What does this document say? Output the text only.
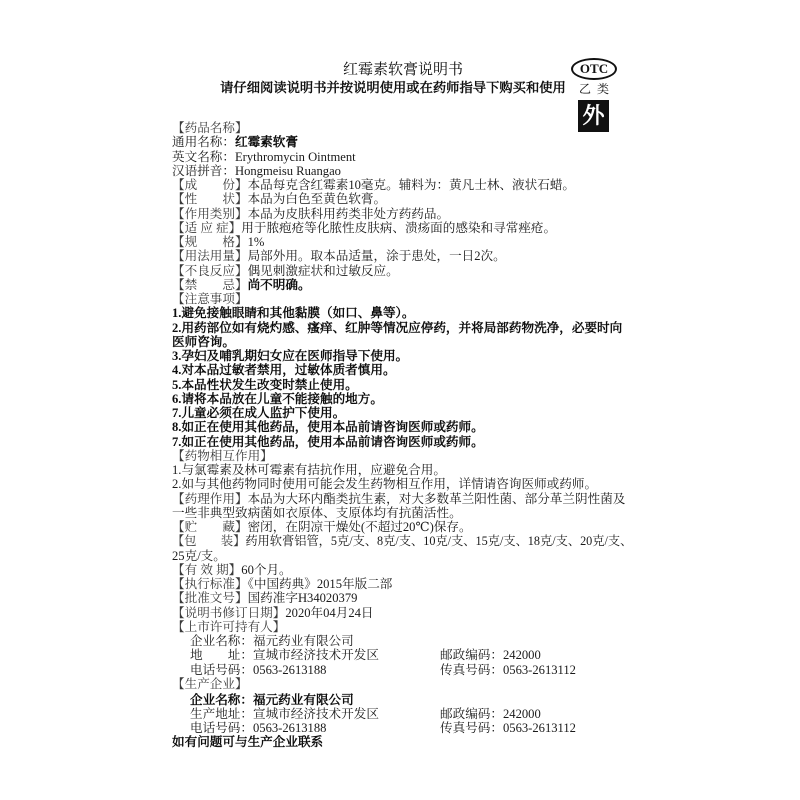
红霉素软膏说明书
请仔细阅读说明书并按说明使用或在药师指导下购买和使用
OTC
乙类
外
【药品名称】
通用名称：红霉素软膏
英文名称：Erythromycin Ointment
汉语拼音：Hongmeisu Ruangao
【成　　份】本品每克含红霉素10毫克。辅料为：黄凡士林、液状石蜡。
【性　　状】本品为白色至黄色软膏。
【作用类别】本品为皮肤科用药类非处方药药品。
【适 应 症】用于脓疱疮等化脓性皮肤病、溃疡面的感染和寻常痤疮。
【规　　格】1%
【用法用量】局部外用。取本品适量，涂于患处，一日2次。
【不良反应】偶见刺激症状和过敏反应。
【禁　　忌】尚不明确。
【注意事项】
1.避免接触眼睛和其他黏膜（如口、鼻等）。
2.用药部位如有烧灼感、瘙痒、红肿等情况应停药，并将局部药物洗净，必要时向
医师咨询。
3.孕妇及哺乳期妇女应在医师指导下使用。
4.对本品过敏者禁用，过敏体质者慎用。
5.本品性状发生改变时禁止使用。
6.请将本品放在儿童不能接触的地方。
7.儿童必须在成人监护下使用。
8.如正在使用其他药品，使用本品前请咨询医师或药师。
7.如正在使用其他药品，使用本品前请咨询医师或药师。
【药物相互作用】
1.与氯霉素及林可霉素有拮抗作用，应避免合用。
2.如与其他药物同时使用可能会发生药物相互作用，详情请咨询医师或药师。
【药理作用】本品为大环内酯类抗生素，对大多数革兰阳性菌、部分革兰阴性菌及
一些非典型致病菌如衣原体、支原体均有抗菌活性。
【贮　　藏】密闭，在阴凉干燥处(不超过20℃)保存。
【包　　装】药用软膏铝管，5克/支、8克/支、10克/支、15克/支、18克/支、20克/支、
25克/支。
【有 效 期】60个月。
【执行标准】《中国药典》2015年版二部
【批准文号】国药准字H34020379
【说明书修订日期】2020年04月24日
【上市许可持有人】
企业名称：福元药业有限公司
地　　址：宣城市经济技术开发区	邮政编码：242000
电话号码：0563-2613188	传真号码：0563-2613112
【生产企业】
企业名称：福元药业有限公司
生产地址：宣城市经济技术开发区	邮政编码：242000
电话号码：0563-2613188	传真号码：0563-2613112
如有问题可与生产企业联系
